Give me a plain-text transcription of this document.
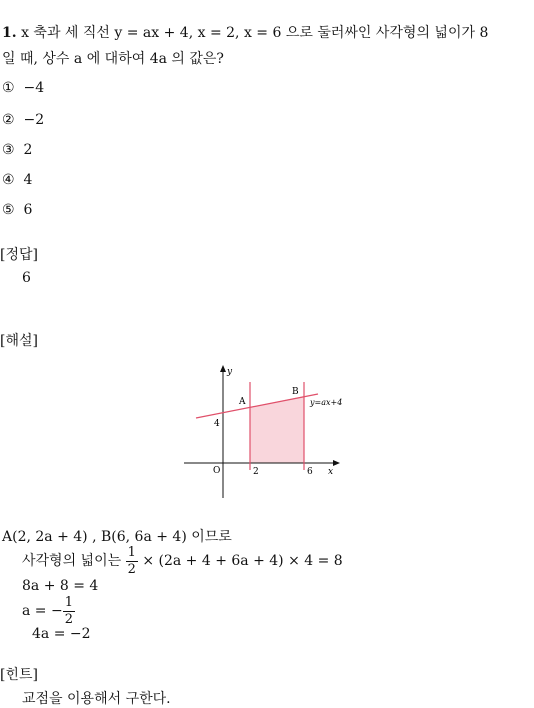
1. x 축과 세 직선 y = ax + 4, x = 2, x = 6 으로 둘러싸인 사각형의 넓이가 8
일 때, 상수 a 에 대하여 4a 의 값은?
① −4
② −2
③ 2
④ 4
⑤ 6
[정답]
6
[해설]
y
x
O
4
2	6
A
B
y=ax+4
A(2, 2a + 4) , B(6, 6a + 4) 이므로
사각형의 넓이는 $\frac{1}{2} \times (2a + 4 + 6a + 4) \times 4 = 8$
8a + 8 = 4
a = − $\frac{1}{2}$
4a = −2
[힌트]
교점을 이용해서 구한다.
